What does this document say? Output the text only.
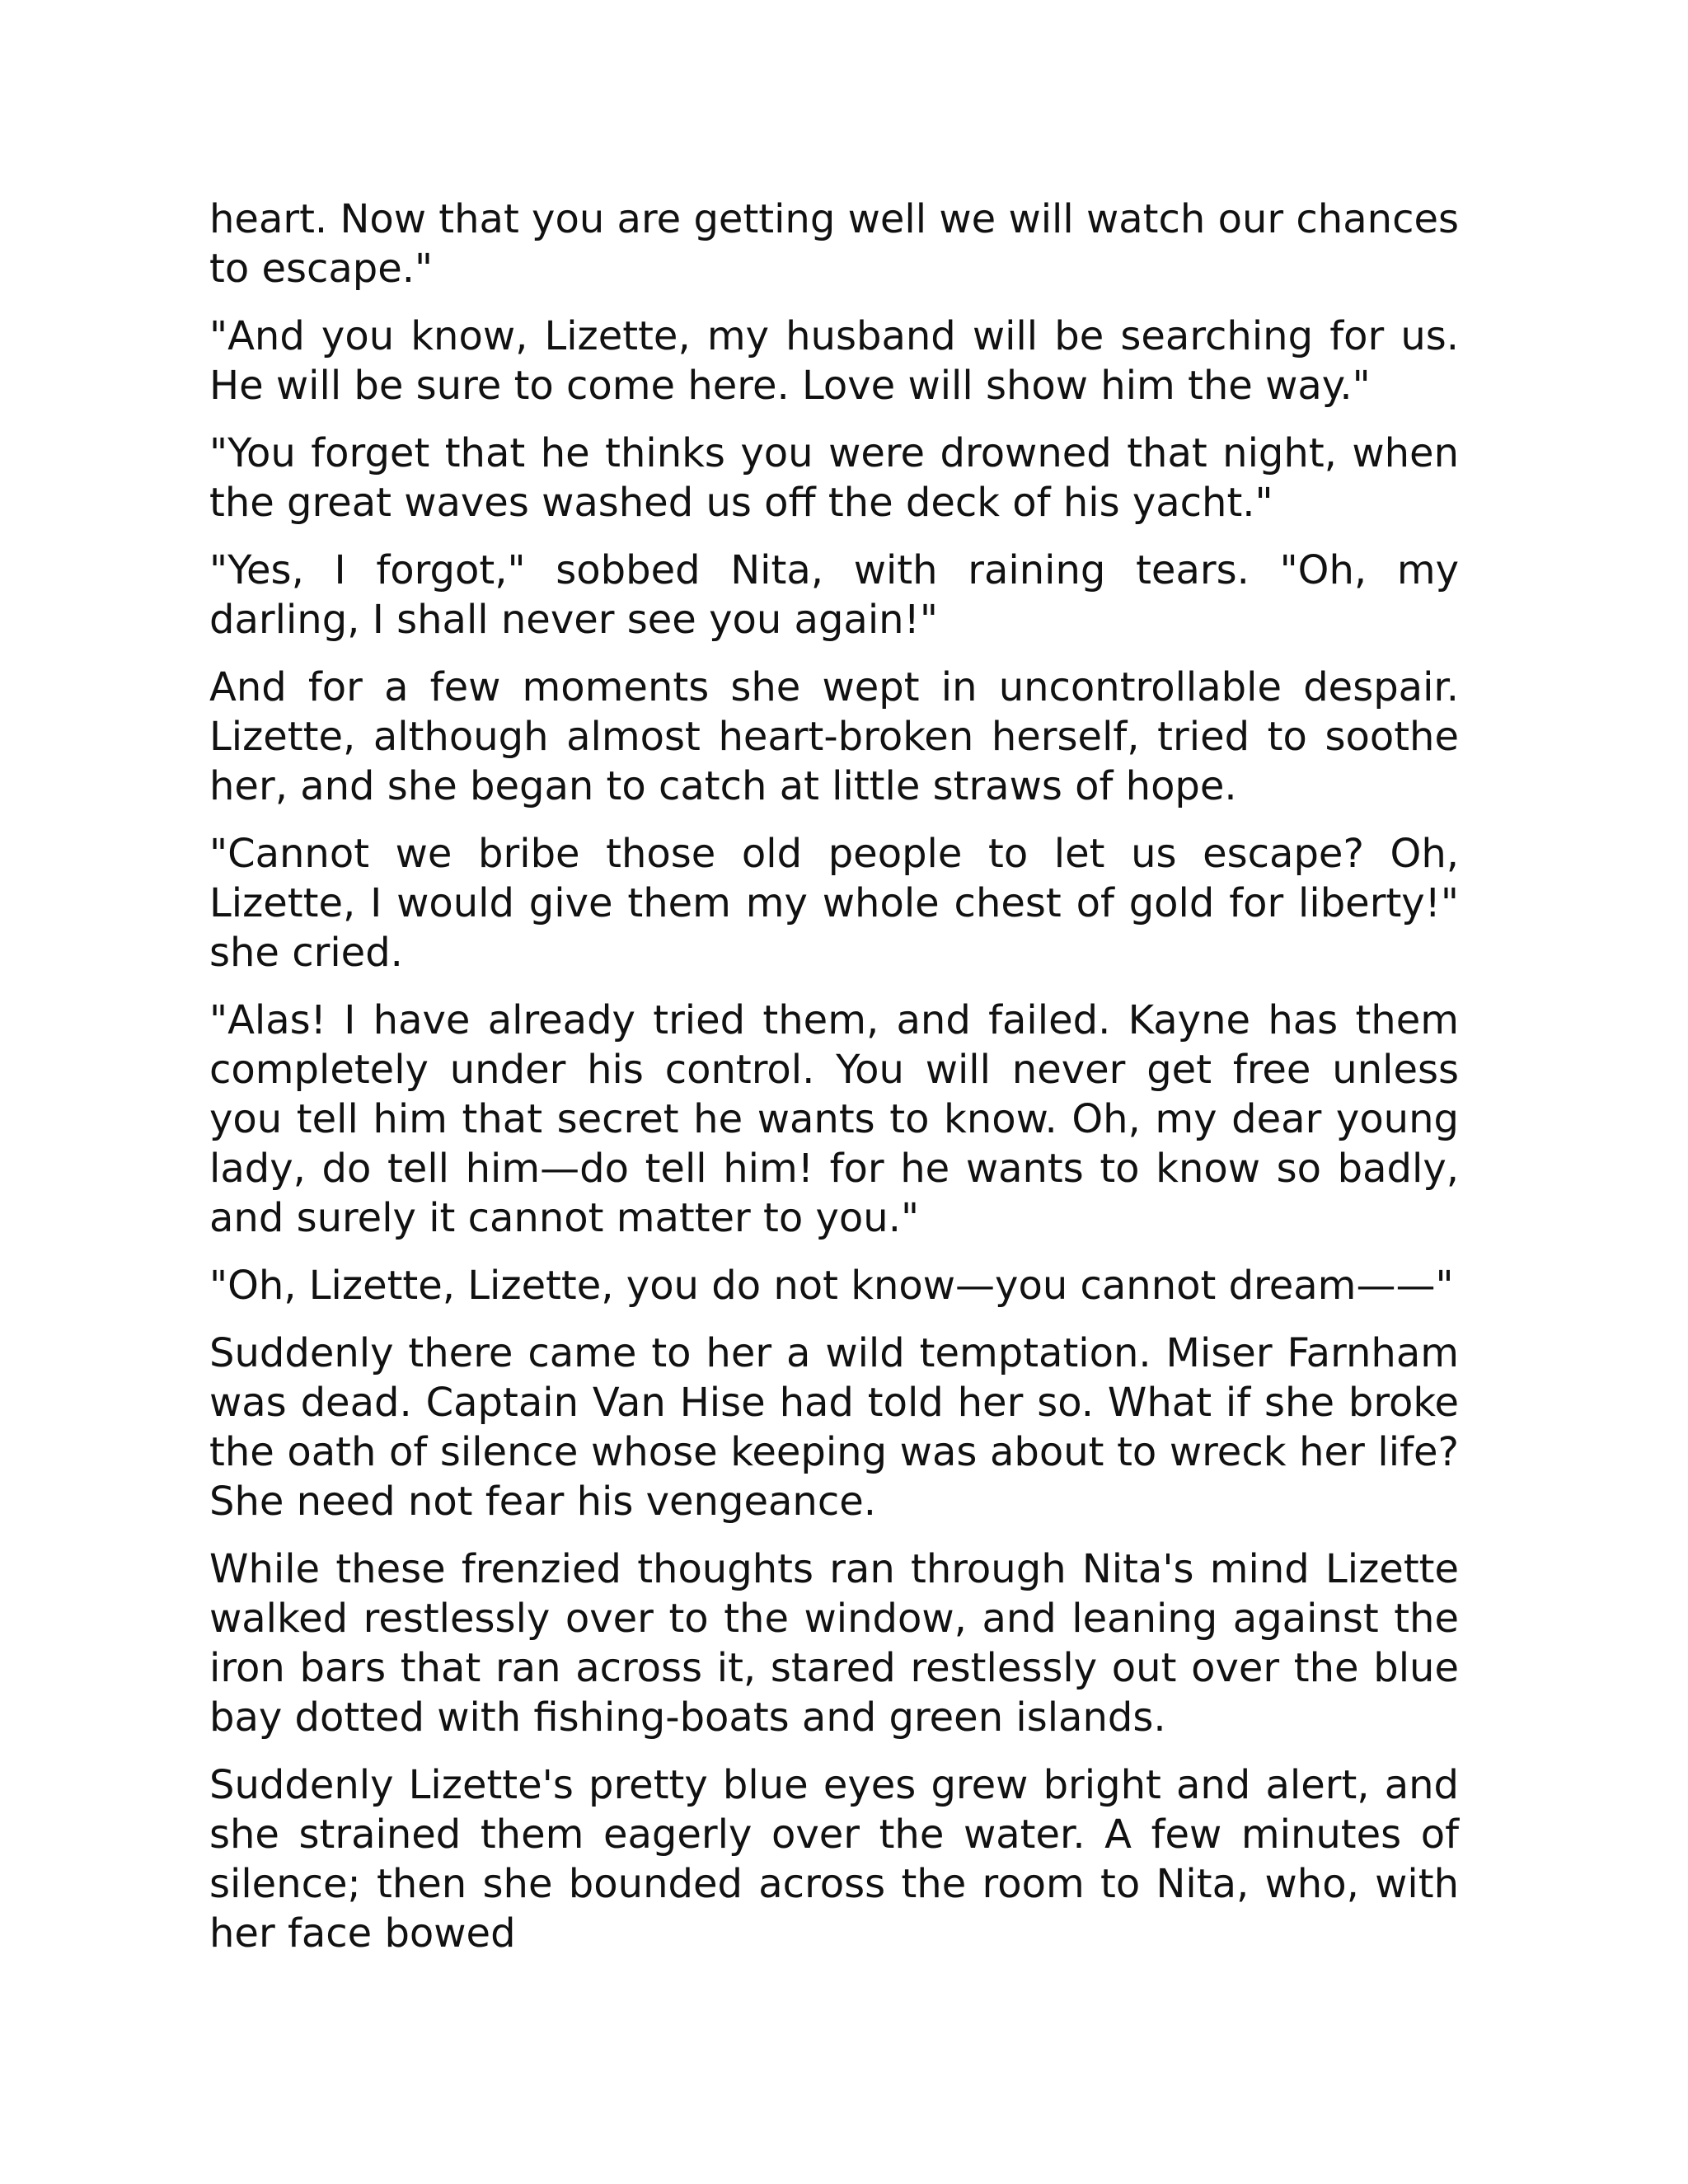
heart. Now that you are getting well we will watch our chances to escape."

"And you know, Lizette, my husband will be searching for us. He will be sure to come here. Love will show him the way."

"You forget that he thinks you were drowned that night, when the great waves washed us off the deck of his yacht."

"Yes, I forgot," sobbed Nita, with raining tears. "Oh, my darling, I shall never see you again!"

And for a few moments she wept in uncontrollable despair. Lizette, although almost heart-broken herself, tried to soothe her, and she began to catch at little straws of hope.

"Cannot we bribe those old people to let us escape? Oh, Lizette, I would give them my whole chest of gold for liberty!" she cried.

"Alas! I have already tried them, and failed. Kayne has them completely under his control. You will never get free unless you tell him that secret he wants to know. Oh, my dear young lady, do tell him—do tell him! for he wants to know so badly, and surely it cannot matter to you."

"Oh, Lizette, Lizette, you do not know—you cannot dream——"

Suddenly there came to her a wild temptation. Miser Farnham was dead. Captain Van Hise had told her so. What if she broke the oath of silence whose keeping was about to wreck her life? She need not fear his vengeance.

While these frenzied thoughts ran through Nita's mind Lizette walked restlessly over to the window, and leaning against the iron bars that ran across it, stared restlessly out over the blue bay dotted with fishing-boats and green islands.

Suddenly Lizette's pretty blue eyes grew bright and alert, and she strained them eagerly over the water. A few minutes of silence; then she bounded across the room to Nita, who, with her face bowed
